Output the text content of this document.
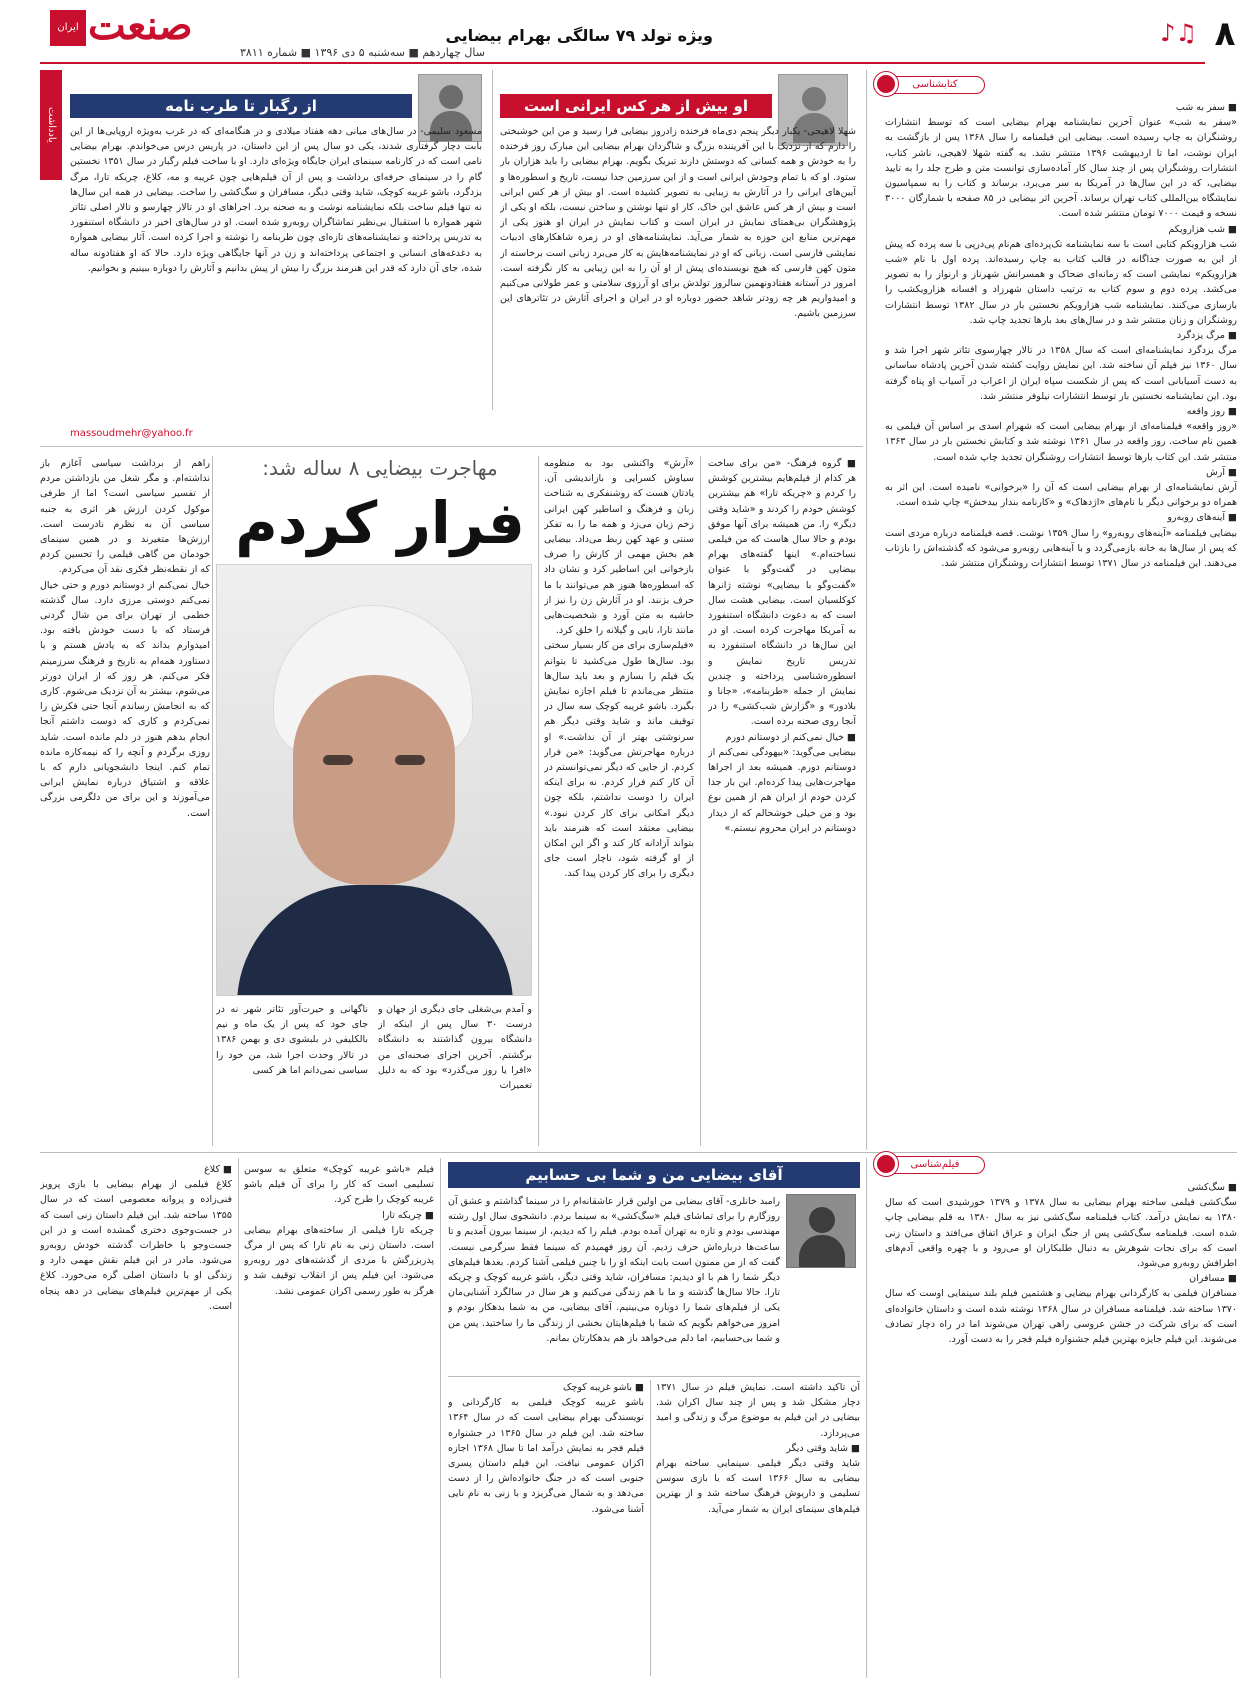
۸
♫♪
ویژه تولد ۷۹ سالگی بهرام بیضایی
ایران صنعت
سال چهاردهم ■ سه‌شنبه ۵ دی ۱۳۹۶ ■ شماره ۳۸۱۱
کتابشناسی
■ سفر به شب
«سفر به شب» عنوان آخرین نمایشنامه بهرام بیضایی است که توسط انتشارات روشنگران به چاپ رسیده است. بیضایی این فیلمنامه را سال ۱۳۶۸ پس از بازگشت به ایران نوشت، اما تا اردیبهشت ۱۳۹۶ منتشر نشد. به گفته شهلا لاهیجی، ناشر کتاب، انتشارات روشنگران پس از چند سال کار آماده‌سازی توانست متن و طرح جلد را به تایید بیضایی، که در این سال‌ها در آمریکا به سر می‌برد، برساند و کتاب را به سمپاسیون نمایشگاه بین‌المللی کتاب تهران برساند. آخرین اثر بیضایی در ۸۵ صفحه با شمارگان ۳۰۰۰ نسخه و قیمت ۷۰۰۰ تومان منتشر شده است.
■ شب هزارویکم
شب هزارویکم کتابی است با سه نمایشنامه تک‌پرده‌ای هم‌نام پی‌درپی با سه پرده که پیش از این به صورت جداگانه در قالب کتاب به چاپ رسیده‌اند. پرده اول با نام «شب هزارویکم» نمایشی است که زمانه‌ای ضحاک و همسرانش شهرناز و ارنواز را به تصویر می‌کشد. پرده دوم و سوم کتاب به ترتیب داستان شهرزاد و افسانه هزارویکشب را بازسازی می‌کنند. نمایشنامه شب هزارویکم نخستین بار در سال ۱۳۸۲ توسط انتشارات روشنگران و زنان منتشر شد و در سال‌های بعد بارها تجدید چاپ شد.
■ مرگ یزدگرد
مرگ یزدگرد نمایشنامه‌ای است که سال ۱۳۵۸ در تالار چهارسوی تئاتر شهر اجرا شد و سال ۱۳۶۰ نیز فیلم آن ساخته شد. این نمایش روایت کشته شدن آخرین پادشاه ساسانی به دست آسیابانی است که پس از شکست سپاه ایران از اعراب در آسیاب او پناه گرفته بود. این نمایشنامه نخستین بار توسط انتشارات نیلوفر منتشر شد.
■ روز واقعه
«روز واقعه» فیلمنامه‌ای از بهرام بیضایی است که شهرام اسدی بر اساس آن فیلمی به همین نام ساخت. روز واقعه در سال ۱۳۶۱ نوشته شد و کتابش نخستین بار در سال ۱۳۶۳ منتشر شد. این کتاب بارها توسط انتشارات روشنگران تجدید چاپ شده است.
■ آرش
آرش نمایشنامه‌ای از بهرام بیضایی است که آن را «برخوانی» نامیده است. این اثر به همراه دو برخوانی دیگر با نام‌های «اژدهاک» و «کارنامه بندار بیدخش» چاپ شده است.
■ آینه‌های روبه‌رو
بیضایی فیلمنامه «آینه‌های روبه‌رو» را سال ۱۳۵۹ نوشت. قصه فیلمنامه درباره مردی است که پس از سال‌ها به خانه بازمی‌گردد و با آینه‌هایی روبه‌رو می‌شود که گذشته‌اش را بازتاب می‌دهند. این فیلمنامه در سال ۱۳۷۱ توسط انتشارات روشنگران منتشر شد.
او بیش از هر کس ایرانی است
شهلا لاهیجی- یکبار دیگر پنجم دی‌ماه فرخنده زادروز بیضایی فرا رسید و من این خوشبختی را دارم که از نزدیک با این آفریننده بزرگ و شاگردان بهرام بیضایی این مبارک روز فرخنده را به خودش و همه کسانی که دوستش دارند تبریک بگویم. بهرام بیضایی را باید هزاران بار ستود. او که با تمام وجودش ایرانی است و از این سرزمین جدا نیست، تاریخ و اسطوره‌ها و آیین‌های ایرانی را در آثارش به زیبایی به تصویر کشیده است. او بیش از هر کس ایرانی است و بیش از هر کس عاشق این خاک. کار او تنها نوشتن و ساختن نیست، بلکه او یکی از پژوهشگران بی‌همتای نمایش در ایران است و کتاب نمایش در ایران او هنوز یکی از مهم‌ترین منابع این حوزه به شمار می‌آید. نمایشنامه‌های او در زمره شاهکارهای ادبیات نمایشی فارسی است. زبانی که او در نمایشنامه‌هایش به کار می‌برد زبانی است برخاسته از متون کهن فارسی که هیچ نویسنده‌ای پیش از او آن را به این زیبایی به کار نگرفته است. امروز در آستانه هفتادونهمین سالروز تولدش برای او آرزوی سلامتی و عمر طولانی می‌کنیم و امیدواریم هر چه زودتر شاهد حضور دوباره او در ایران و اجرای آثارش در تئاترهای این سرزمین باشیم.
یادداشت
از رگبار تا طرب نامه
مسعود سلیمی- در سال‌های میانی دهه هفتاد میلادی و در هنگامه‌ای که در غرب به‌ویژه اروپایی‌ها از این بابت دچار گرفتاری شدند، یکی دو سال پس از این داستان، در پاریس درس می‌خواندم. بهرام بیضایی نامی است که در کارنامه سینمای ایران جایگاه ویژه‌ای دارد. او با ساخت فیلم رگبار در سال ۱۳۵۱ نخستین گام را در سینمای حرفه‌ای برداشت و پس از آن فیلم‌هایی چون غریبه و مه، کلاغ، چریکه تارا، مرگ یزدگرد، باشو غریبه کوچک، شاید وقتی دیگر، مسافران و سگ‌کشی را ساخت. بیضایی در همه این سال‌ها نه تنها فیلم ساخت بلکه نمایشنامه نوشت و به صحنه برد. اجراهای او در تالار چهارسو و تالار اصلی تئاتر شهر همواره با استقبال بی‌نظیر تماشاگران روبه‌رو شده است. او در سال‌های اخیر در دانشگاه استنفورد به تدریس پرداخته و نمایشنامه‌های تازه‌ای چون طربنامه را نوشته و اجرا کرده است. آثار بیضایی همواره به دغدغه‌های انسانی و اجتماعی پرداخته‌اند و زن در آنها جایگاهی ویژه دارد. حالا که او هفتادونه ساله شده، جای آن دارد که قدر این هنرمند بزرگ را بیش از پیش بدانیم و آثارش را دوباره ببینیم و بخوانیم.
massoudmehr@yahoo.fr
مهاجرت بیضایی ۸ ساله شد:
فرار کردم
■ گروه فرهنگ- «من برای ساخت هر کدام از فیلم‌هایم بیشترین کوشش را کردم و «چریکه تارا» هم بیشترین کوشش خودم را کردند و «شاید وقتی دیگر» را. من همیشه برای آنها موفق بودم و حالا سال هاست که من فیلمی نساخته‌ام.» اینها گفته‌های بهرام بیضایی در گفت‌وگو با عنوان «گفت‌وگو با بیضایی» نوشته ژانرها کوکلسیان است. بیضایی هشت سال است که به دعوت دانشگاه استنفورد به آمریکا مهاجرت کرده است. او در این سال‌ها در دانشگاه استنفورد به تدریس تاریخ نمایش و اسطوره‌شناسی پرداخته و چندین نمایش از جمله «طربنامه»، «جانا و بلادور» و «گزارش شب‌کشی» را در آنجا روی صحنه برده است.
■ خیال نمی‌کنم از دوستانم دورم
بیضایی می‌گوید: «بیهودگی نمی‌کنم از دوستانم دورم. همیشه بعد از اجراها مهاجرت‌هایی پیدا کرده‌ام. این بار جدا کردن خودم از ایران هم از همین نوع بود و من خیلی خوشحالم که از دیدار دوستانم در ایران محروم نیستم.»
«آرش» واکنشی بود به منظومه سیاوش کسرایی و بازاندیشی آن. یادتان هست که روشنفکری به شناخت زبان و فرهنگ و اساطیر کهن ایرانی زخم زبان می‌زد و همه ما را به تفکر سنتی و عهد کهن ربط می‌داد. بیضایی هم بخش مهمی از کارش را صرف بازخوانی این اساطیر کرد و نشان داد که اسطوره‌ها هنوز هم می‌توانند با ما حرف بزنند. او در آثارش زن را نیز از حاشیه به متن آورد و شخصیت‌هایی مانند تارا، نایی و گیلانه را خلق کرد.
«فیلم‌سازی برای من کار بسیار سختی بود. سال‌ها طول می‌کشید تا بتوانم یک فیلم را بسازم و بعد باید سال‌ها منتظر می‌ماندم تا فیلم اجازه نمایش بگیرد. باشو غریبه کوچک سه سال در توقیف ماند و شاید وقتی دیگر هم سرنوشتی بهتر از آن نداشت.» او درباره مهاجرتش می‌گوید: «من فرار کردم. از جایی که دیگر نمی‌توانستم در آن کار کنم فرار کردم. نه برای اینکه ایران را دوست نداشتم، بلکه چون دیگر امکانی برای کار کردن نبود.» بیضایی معتقد است که هنرمند باید بتواند آزادانه کار کند و اگر این امکان از او گرفته شود، ناچار است جای دیگری را برای کار کردن پیدا کند.
راهم از برداشت سیاسی آغازم باز نداشته‌ام. و مگر شغل من بازداشتن مردم از تفسیر سیاسی است؟ اما از طرفی موکول کردن ارزش هر اثری به جنبه سیاسی آن به نظرم نادرست است. ارزش‌ها متغیرند و در همین سینمای خودمان من گاهی فیلمی را تحسین کردم که از نقطه‌نظر فکری نقد آن می‌کردم.
خیال نمی‌کنم از دوستانم دورم و حتی خیال نمی‌کنم دوستی مرزی دارد. سال گذشته خطمی از تهران برای من شال گردنی فرستاد که با دست خودش بافته بود. امیدوارم بداند که به یادش هستم و با دستاورد همه‌ام به تاریخ و فرهنگ سرزمینم فکر می‌کنم. هر روز که از ایران دورتر می‌شوم، بیشتر به آن نزدیک می‌شوم. کاری که به انجامش رساندم آنجا حتی فکرش را نمی‌کردم و کاری که دوست داشتم آنجا انجام بدهم هنوز در دلم مانده است. شاید روزی برگردم و آنچه را که نیمه‌کاره مانده تمام کنم. اینجا دانشجویانی دارم که با علاقه و اشتیاق درباره نمایش ایرانی می‌آموزند و این برای من دلگرمی بزرگی است.
ناگهانی و حیرت‌آور تئاتر شهر نه در جای خود که پس از یک ماه و نیم بالکلیفی در بلبشوی دی و بهمن ۱۳۸۶ در تالار وحدت اجرا شد، من خود را سیاسی نمی‌دانم اما هر کسی
و آمدم بی‌شغلی جای دیگری از جهان و درست ۳۰ سال پس از اینکه از دانشگاه بیرون گذاشتند به دانشگاه برگشتم. آخرین اجرای صحنه‌ای من «افرا یا روز می‌گذرد» بود که به دلیل تعمیرات
فیلم‌شناسی
■ سگ‌کشی
سگ‌کشی فیلمی ساخته بهرام بیضایی به سال ۱۳۷۸ و ۱۳۷۹ خورشیدی است که سال ۱۳۸۰ به نمایش درآمد. کتاب فیلمنامه سگ‌کشی نیز به سال ۱۳۸۰ به قلم بیضایی چاپ شده است. فیلمنامه سگ‌کشی پس از جنگ ایران و عراق اتفاق می‌افتد و داستان زنی است که برای نجات شوهرش به دنبال طلبکاران او می‌رود و با چهره واقعی آدم‌های اطرافش روبه‌رو می‌شود.
■ مسافران
مسافران فیلمی به کارگردانی بهرام بیضایی و هشتمین فیلم بلند سینمایی اوست که سال ۱۳۷۰ ساخته شد. فیلمنامه مسافران در سال ۱۳۶۸ نوشته شده است و داستان خانواده‌ای است که برای شرکت در جشن عروسی راهی تهران می‌شوند اما در راه دچار تصادف می‌شوند. این فیلم جایزه بهترین فیلم جشنواره فیلم فجر را به دست آورد.
آقای بیضایی من و شما بی حسابیم
رامبد خانلری- آقای بیضایی من اولین قرار عاشقانه‌ام را در سینما گذاشتم و عشق آن روزگارم را برای تماشای فیلم «سگ‌کشی» به سینما بردم. دانشجوی سال اول رشته مهندسی بودم و تازه به تهران آمده بودم. فیلم را که دیدیم، از سینما بیرون آمدیم و تا ساعت‌ها درباره‌اش حرف زدیم. آن روز فهمیدم که سینما فقط سرگرمی نیست. گفت که از من ممنون است بابت اینکه او را با چنین فیلمی آشنا کردم. بعدها فیلم‌های دیگر شما را هم با او دیدیم: مسافران، شاید وقتی دیگر، باشو غریبه کوچک و چریکه تارا. حالا سال‌ها گذشته و ما با هم زندگی می‌کنیم و هر سال در سالگرد آشنایی‌مان یکی از فیلم‌های شما را دوباره می‌بینیم. آقای بیضایی، من به شما بدهکار بودم و امروز می‌خواهم بگویم که شما با فیلم‌هایتان بخشی از زندگی ما را ساختید. پس من و شما بی‌حسابیم، اما دلم می‌خواهد باز هم بدهکارتان بمانم.
آن تاکید داشته است. نمایش فیلم در سال ۱۳۷۱ دچار مشکل شد و پس از چند سال اکران شد. بیضایی در این فیلم به موضوع مرگ و زندگی و امید می‌پردازد.
■ شاید وقتی دیگر
شاید وقتی دیگر فیلمی سینمایی ساخته بهرام بیضایی به سال ۱۳۶۶ است که با بازی سوسن تسلیمی و داریوش فرهنگ ساخته شد و از بهترین فیلم‌های سینمای ایران به شمار می‌آید.
■ باشو غریبه کوچک
باشو غریبه کوچک فیلمی به کارگردانی و نویسندگی بهرام بیضایی است که در سال ۱۳۶۴ ساخته شد. این فیلم در سال ۱۳۶۵ در جشنواره فیلم فجر به نمایش درآمد اما تا سال ۱۳۶۸ اجازه اکران عمومی نیافت. این فیلم داستان پسری جنوبی است که در جنگ خانواده‌اش را از دست می‌دهد و به شمال می‌گریزد و با زنی به نام نایی آشنا می‌شود.
فیلم «باشو غریبه کوچک» متعلق به سوسن تسلیمی است که کار را برای آن فیلم باشو غریبه کوچک را طرح کرد.
■ چریکه تارا
چریکه تارا فیلمی از ساخته‌های بهرام بیضایی است. داستان زنی به نام تارا که پس از مرگ پدربزرگش با مردی از گذشته‌های دور روبه‌رو می‌شود. این فیلم پس از انقلاب توقیف شد و هرگز به طور رسمی اکران عمومی نشد.
■ کلاغ
کلاغ فیلمی از بهرام بیضایی با بازی پرویز فنی‌زاده و پروانه معصومی است که در سال ۱۳۵۵ ساخته شد. این فیلم داستان زنی است که در جست‌وجوی دختری گمشده است و در این جست‌وجو با خاطرات گذشته خودش روبه‌رو می‌شود. مادر در این فیلم نقش مهمی دارد و زندگی او با داستان اصلی گره می‌خورد. کلاغ یکی از مهم‌ترین فیلم‌های بیضایی در دهه پنجاه است.
